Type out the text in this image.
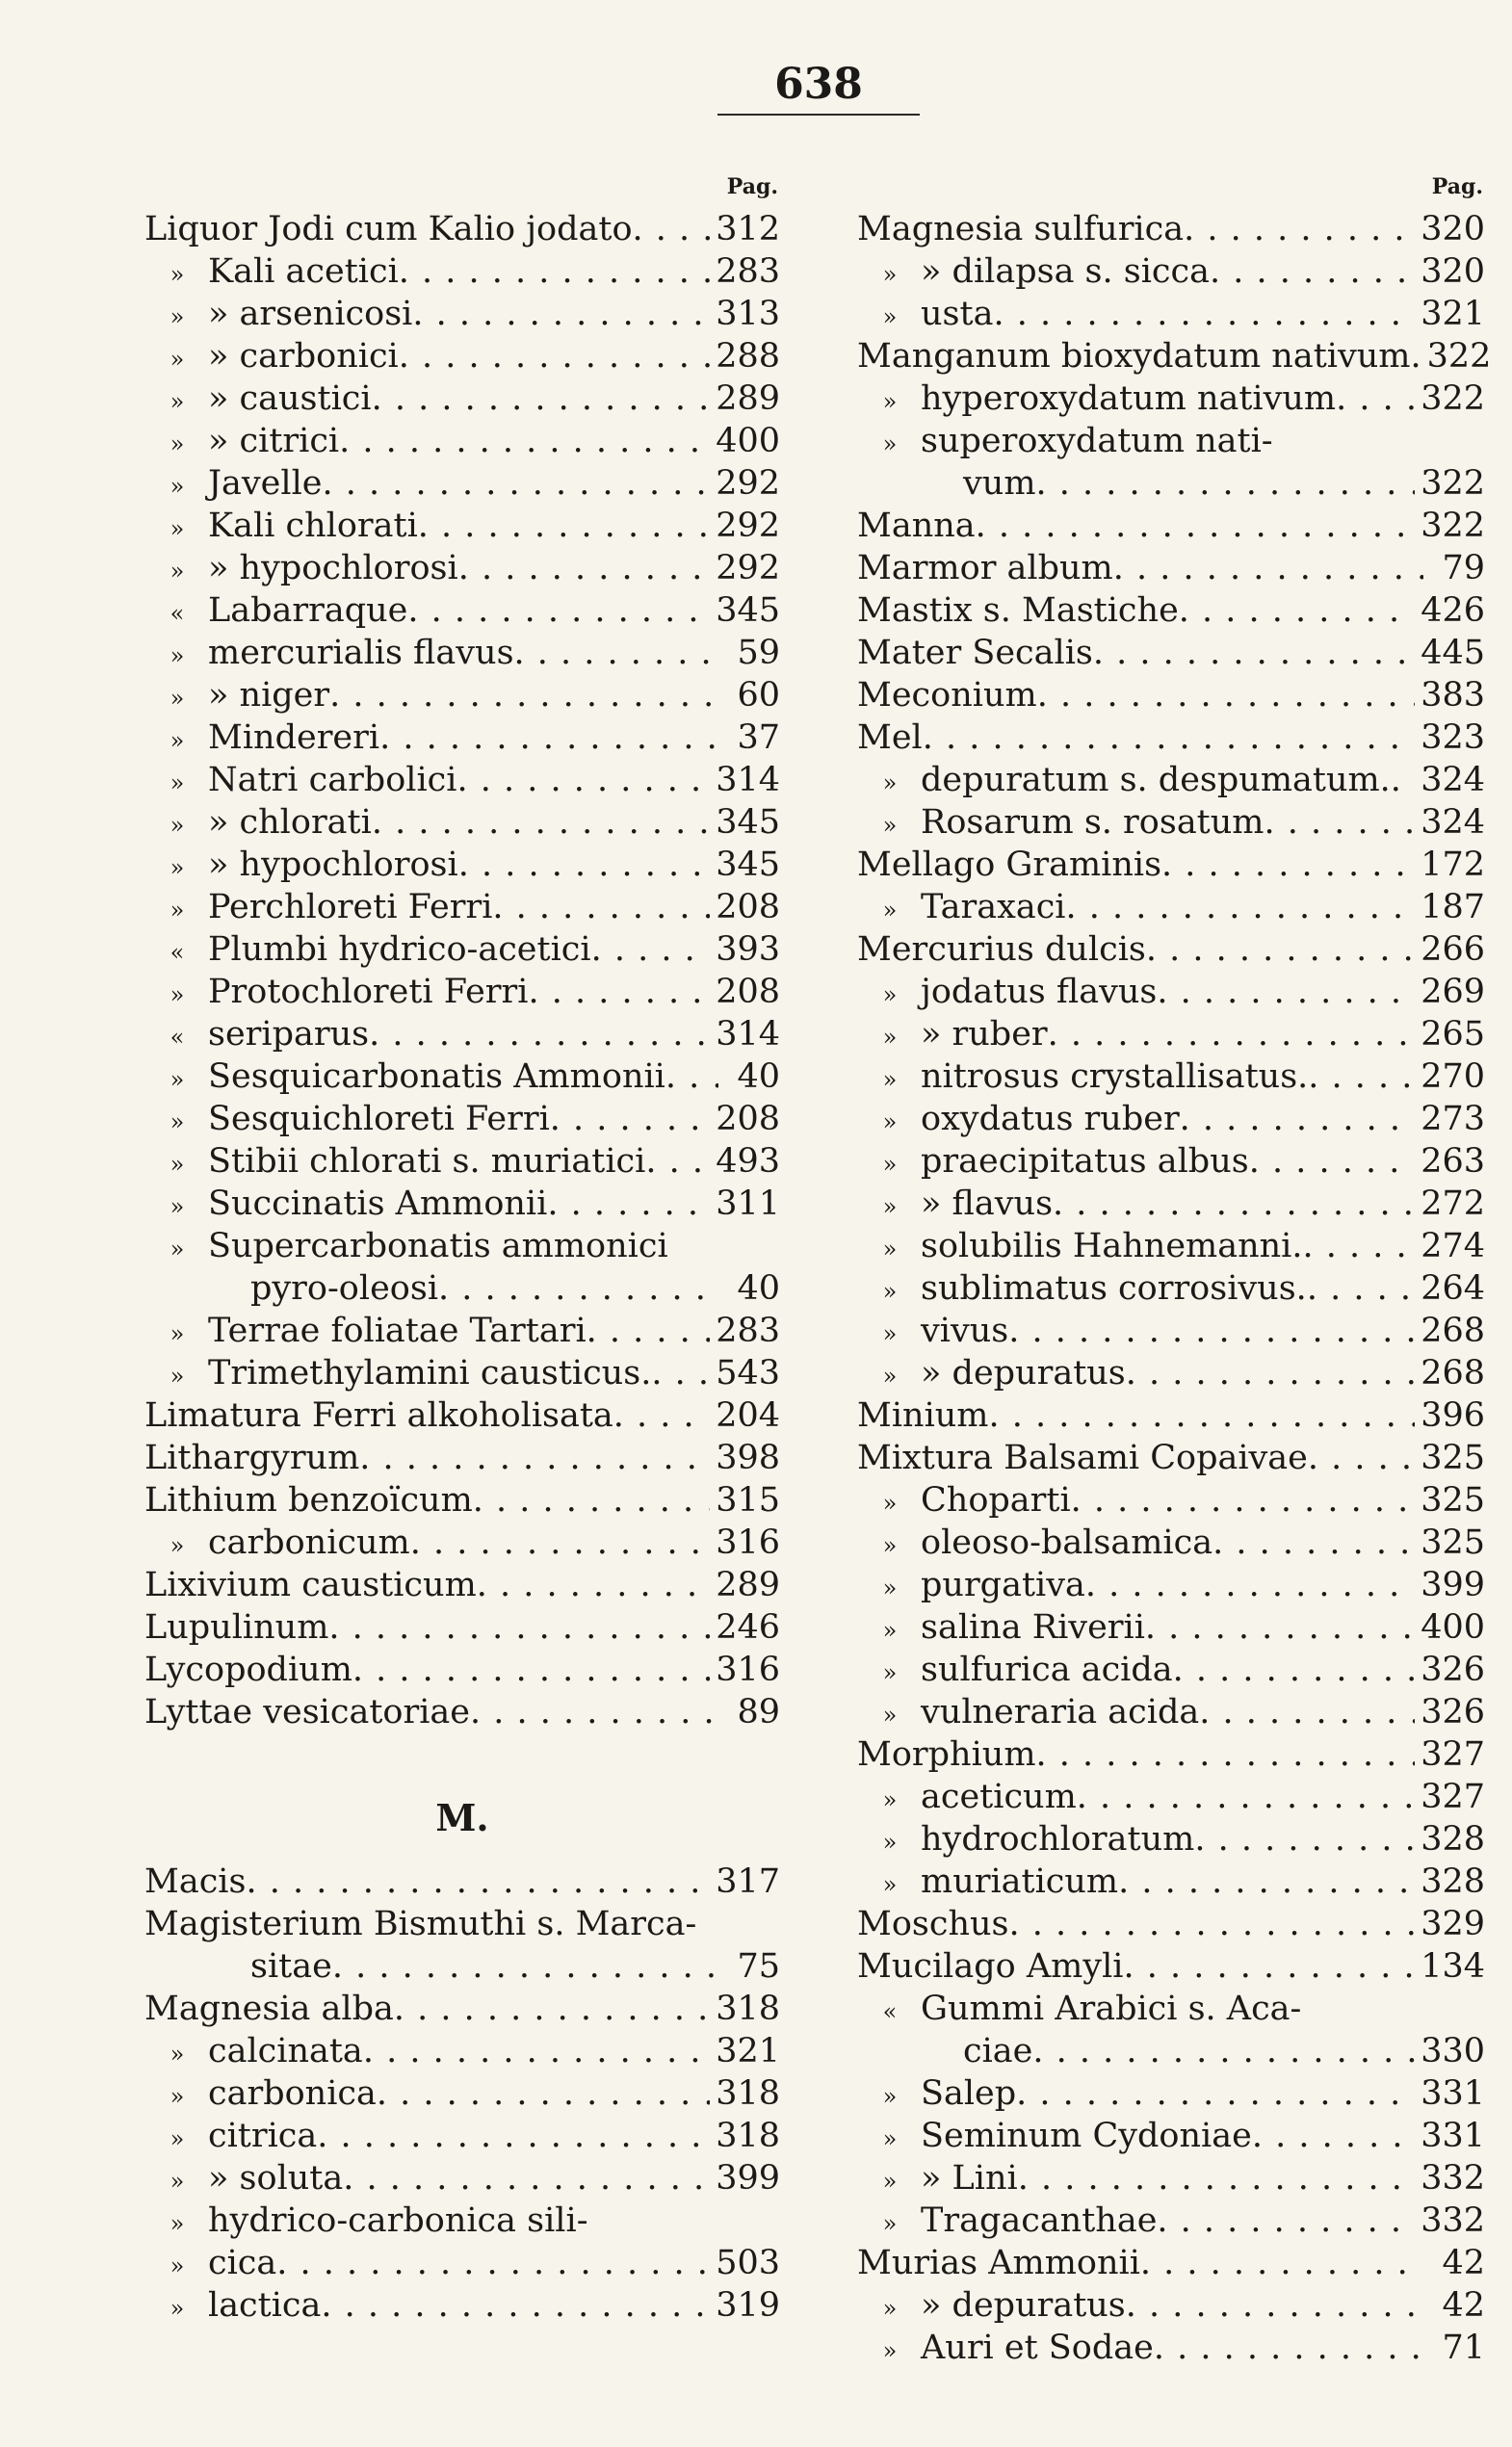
638
Pag.
Liquor Jodi cum Kalio jodato . . . 312
» Kali acetici . . .	283
» » arsenicosi . . .	313
» » carbonici . . .	288
» » caustici . . .	289
» » citrici . . .	400
» Javelle . . .	292
» Kali chlorati . . .	292
» » hypochlorosi . . .	292
« Labarraque . . .	345
» mercurialis flavus . . .	59
» » niger . . .	60
» Mindereri . . .	37
» Natri carbolici . . .	314
» » chlorati . . .	345
» » hypochlorosi . . .	345
» Perchloreti Ferri . . .	208
« Plumbi hydrico-acetici . . .	393
» Protochloreti Ferri . . .	208
« seriparus . . .	314
» Sesquicarbonatis Ammonii . . .	40
» Sesquichloreti Ferri . . .	208
» Stibii chlorati s. muriatici . . . 493
» Succinatis Ammonii . . .	311
» Supercarbonatis ammonici
pyro-oleosi . . .	40
» Terrae foliatae Tartari . . .	283
» Trimethylamini causticus. . . . 543
Limatura Ferri alkoholisata . . .	204
Lithargyrum . . .	398
Lithium benzoïcum . . .	315
» carbonicum . . .	316
Lixivium causticum . . .	289
Lupulinum . . .	246
Lycopodium . . .	316
Lyttae vesicatoriae . . .	89
M.
Macis . . .	317
Magisterium Bismuthi s. Marca-
sitae . . .	75
Magnesia alba . . .	318
» calcinata . . .	321
» carbonica . . .	318
» citrica . . .	318
» » soluta . . .	399
» hydrico-carbonica sili-
» cica . . .	503
» lactica . . .	319
Pag.
Magnesia sulfurica . . .	320
» » dilapsa s. sicca . . .	320
» usta . . .	321
Manganum bioxydatum nativum. 322
» hyperoxydatum nativum . . .	322
» superoxydatum nati-
vum . . .	322
Manna . . .	322
Marmor album . . .	79
Mastix s. Mastiche . . .	426
Mater Secalis . . .	445
Meconium . . .	383
Mel . . .	323
» depuratum s. despumatum. . . . 324
» Rosarum s. rosatum . . .	324
Mellago Graminis . . .	172
» Taraxaci . . .	187
Mercurius dulcis . . .	266
» jodatus flavus . . .	269
» » ruber . . .	265
» nitrosus crystallisatus. . . .	270
» oxydatus ruber . . .	273
» praecipitatus albus . . .	263
» » flavus . . .	272
» solubilis Hahnemanni. . . .	274
» sublimatus corrosivus. . . .	264
» vivus . . .	268
» » depuratus . . .	268
Minium . . .	396
Mixtura Balsami Copaivae . . .	325
» Choparti . . .	325
» oleoso-balsamica . . .	325
» purgativa . . .	399
» salina Riverii . . .	400
» sulfurica acida . . .	326
» vulneraria acida . . .	326
Morphium . . .	327
» aceticum . . .	327
» hydrochloratum . . .	328
» muriaticum . . .	328
Moschus . . .	329
Mucilago Amyli . . .	134
« Gummi Arabici s. Aca-
ciae . . .	330
» Salep . . .	331
» Seminum Cydoniae . . .	331
» » Lini . . .	332
» Tragacanthae . . .	332
Murias Ammonii . . .	42
» » depuratus . . .	42
» Auri et Sodae . . .	71
